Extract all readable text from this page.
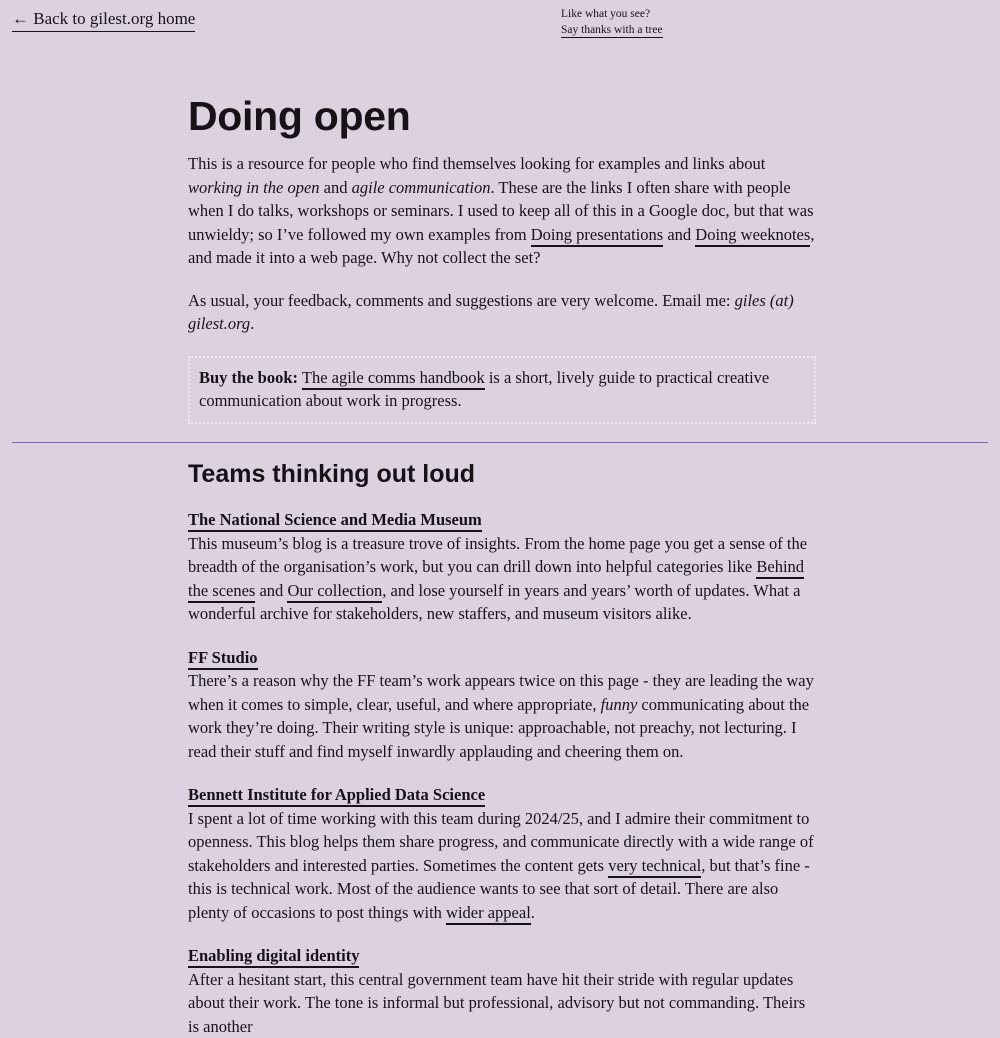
← Back to gilest.org home	Like what you see?
Say thanks with a tree
Doing open

This is a resource for people who find themselves looking for examples and links about working in the open and agile communication. These are the links I often share with people when I do talks, workshops or seminars. I used to keep all of this in a Google doc, but that was unwieldy; so I’ve followed my own examples from Doing presentations and Doing weeknotes, and made it into a web page. Why not collect the set?

As usual, your feedback, comments and suggestions are very welcome. Email me: giles (at) gilest.org.

Buy the book: The agile comms handbook is a short, lively guide to practical creative communication about work in progress.
Teams thinking out loud
The National Science and Media Museum

This museum’s blog is a treasure trove of insights. From the home page you get a sense of the breadth of the organisation’s work, but you can drill down into helpful categories like Behind the scenes and Our collection, and lose yourself in years and years’ worth of updates. What a wonderful archive for stakeholders, new staffers, and museum visitors alike.

FF Studio

There’s a reason why the FF team’s work appears twice on this page - they are leading the way when it comes to simple, clear, useful, and where appropriate, funny communicating about the work they’re doing. Their writing style is unique: approachable, not preachy, not lecturing. I read their stuff and find myself inwardly applauding and cheering them on.

Bennett Institute for Applied Data Science

I spent a lot of time working with this team during 2024/25, and I admire their commitment to openness. This blog helps them share progress, and communicate directly with a wide range of stakeholders and interested parties. Sometimes the content gets very technical, but that’s fine - this is technical work. Most of the audience wants to see that sort of detail. There are also plenty of occasions to post things with wider appeal.

Enabling digital identity

After a hesitant start, this central government team have hit their stride with regular updates about their work. The tone is informal but professional, advisory but not commanding. Theirs is another
